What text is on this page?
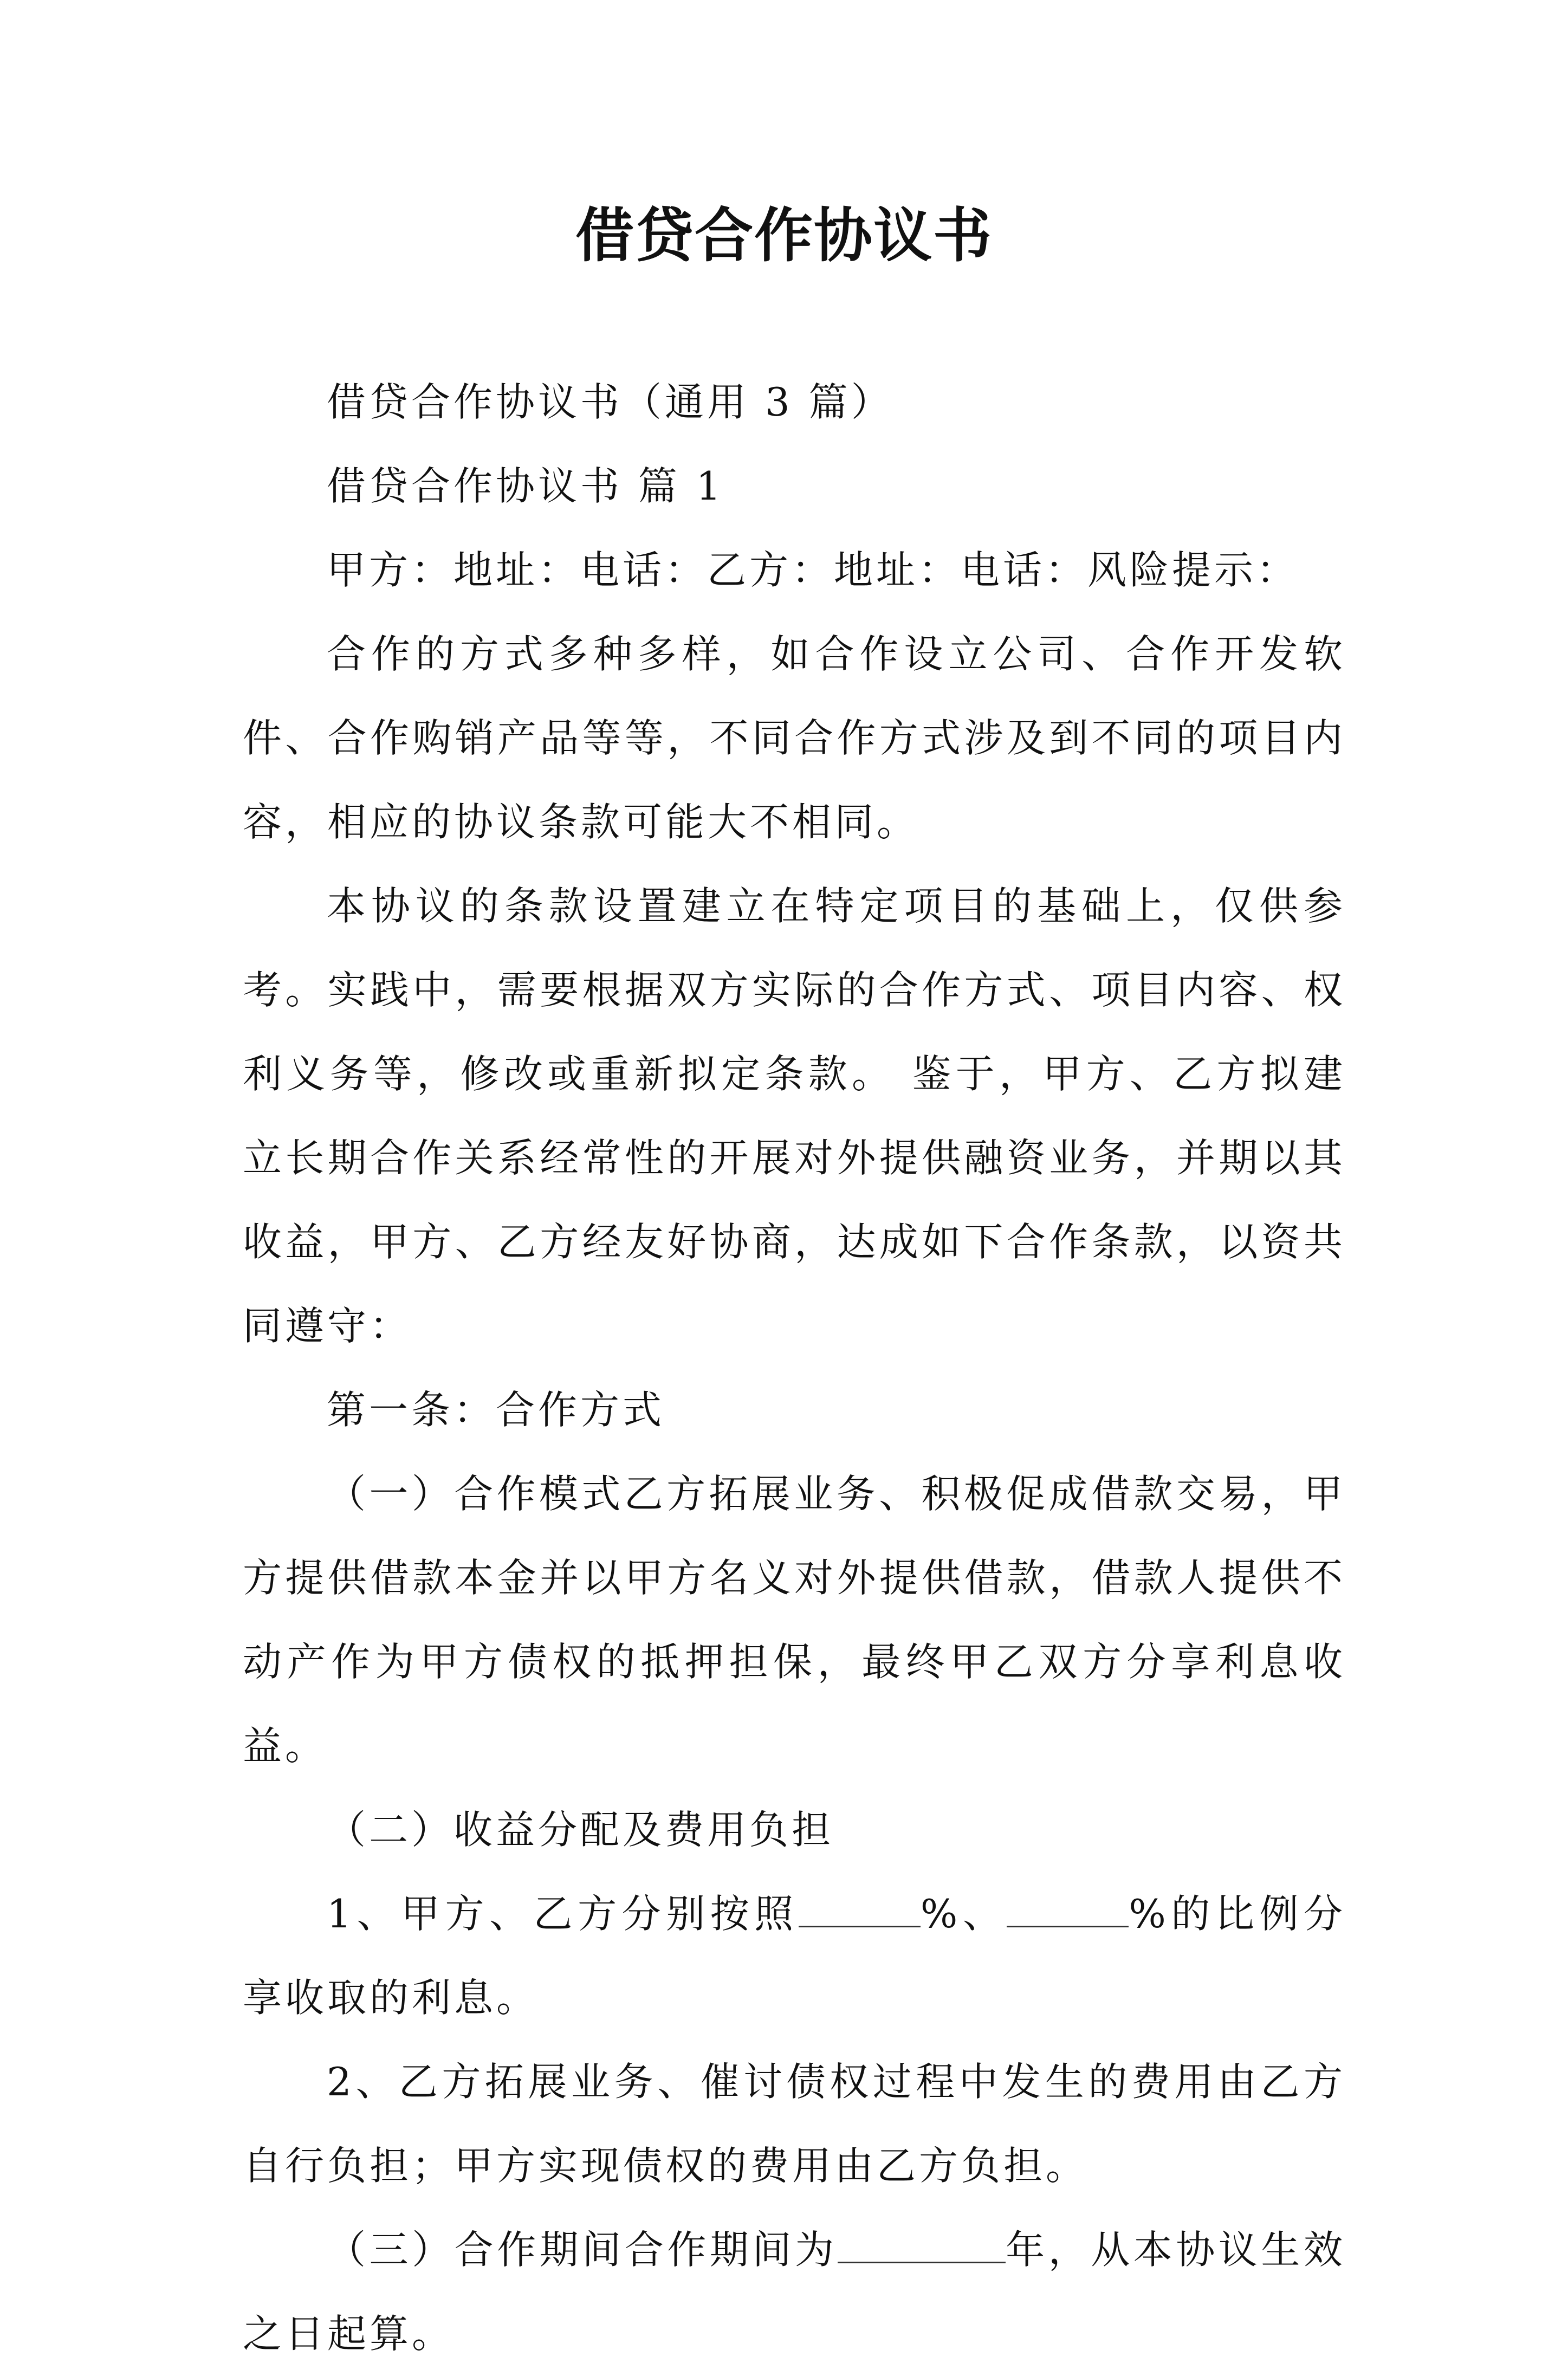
借贷合作协议书

借贷合作协议书（通用 3 篇）

借贷合作协议书 篇 1

甲方：地址：电话：乙方：地址：电话：风险提示：

合作的方式多种多样，如合作设立公司、合作开发软件、合作购销产品等等，不同合作方式涉及到不同的项目内容，相应的协议条款可能大不相同。

本协议的条款设置建立在特定项目的基础上，仅供参考。实践中，需要根据双方实际的合作方式、项目内容、权利义务等，修改或重新拟定条款。 鉴于，甲方、乙方拟建立长期合作关系经常性的开展对外提供融资业务，并期以其收益，甲方、乙方经友好协商，达成如下合作条款，以资共同遵守：

第一条：合作方式

（一）合作模式乙方拓展业务、积极促成借款交易，甲方提供借款本金并以甲方名义对外提供借款，借款人提供不动产作为甲方债权的抵押担保，最终甲乙双方分享利息收益。

（二）收益分配及费用负担

1、甲方、乙方分别按照	%、	%的比例分享收取的利息。

2、乙方拓展业务、催讨债权过程中发生的费用由乙方自行负担；甲方实现债权的费用由乙方负担。

（三）合作期间合作期间为	年，从本协议生效之日起算。
